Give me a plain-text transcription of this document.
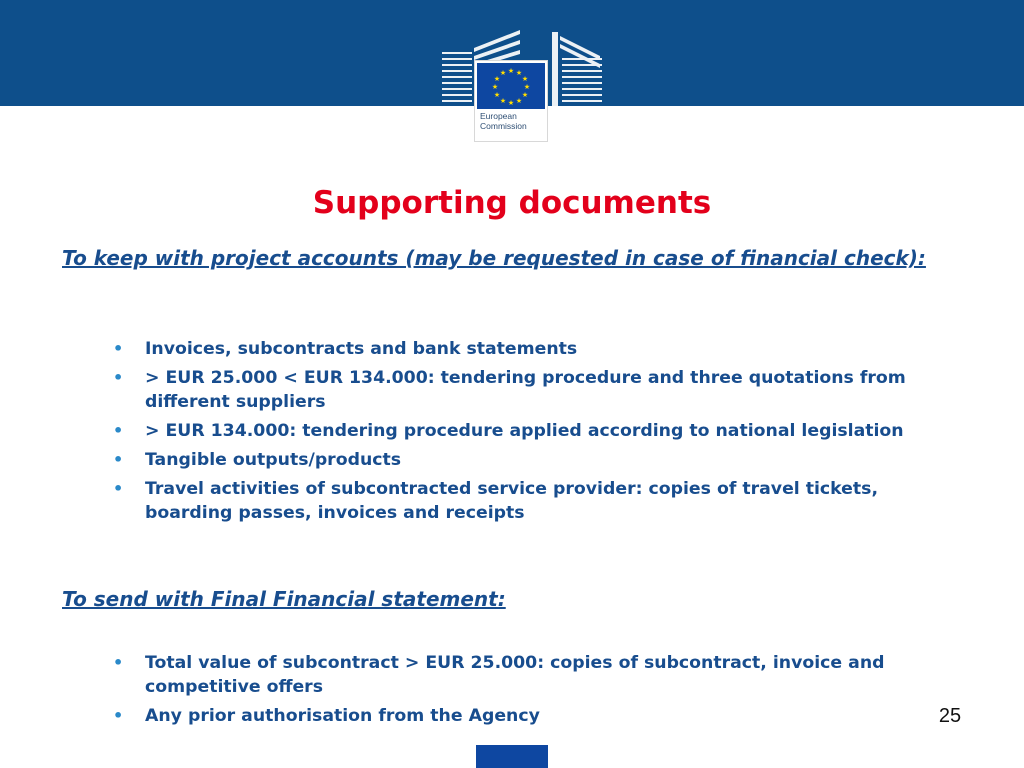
★ ★
★
★
★
★
★
★
★
★
★
★
European
Commission
Supporting documents

To keep with project accounts (may be requested in case of financial check):

• Invoices, subcontracts and bank statements
• > EUR 25.000 < EUR 134.000: tendering procedure and three quotations from different suppliers
• > EUR 134.000: tendering procedure applied according to national legislation
• Tangible outputs/products
• Travel activities of subcontracted service provider: copies of travel tickets, boarding passes, invoices and receipts

To send with Final Financial statement:

• Total value of subcontract > EUR 25.000: copies of subcontract, invoice and competitive offers
• Any prior authorisation from the Agency	25
